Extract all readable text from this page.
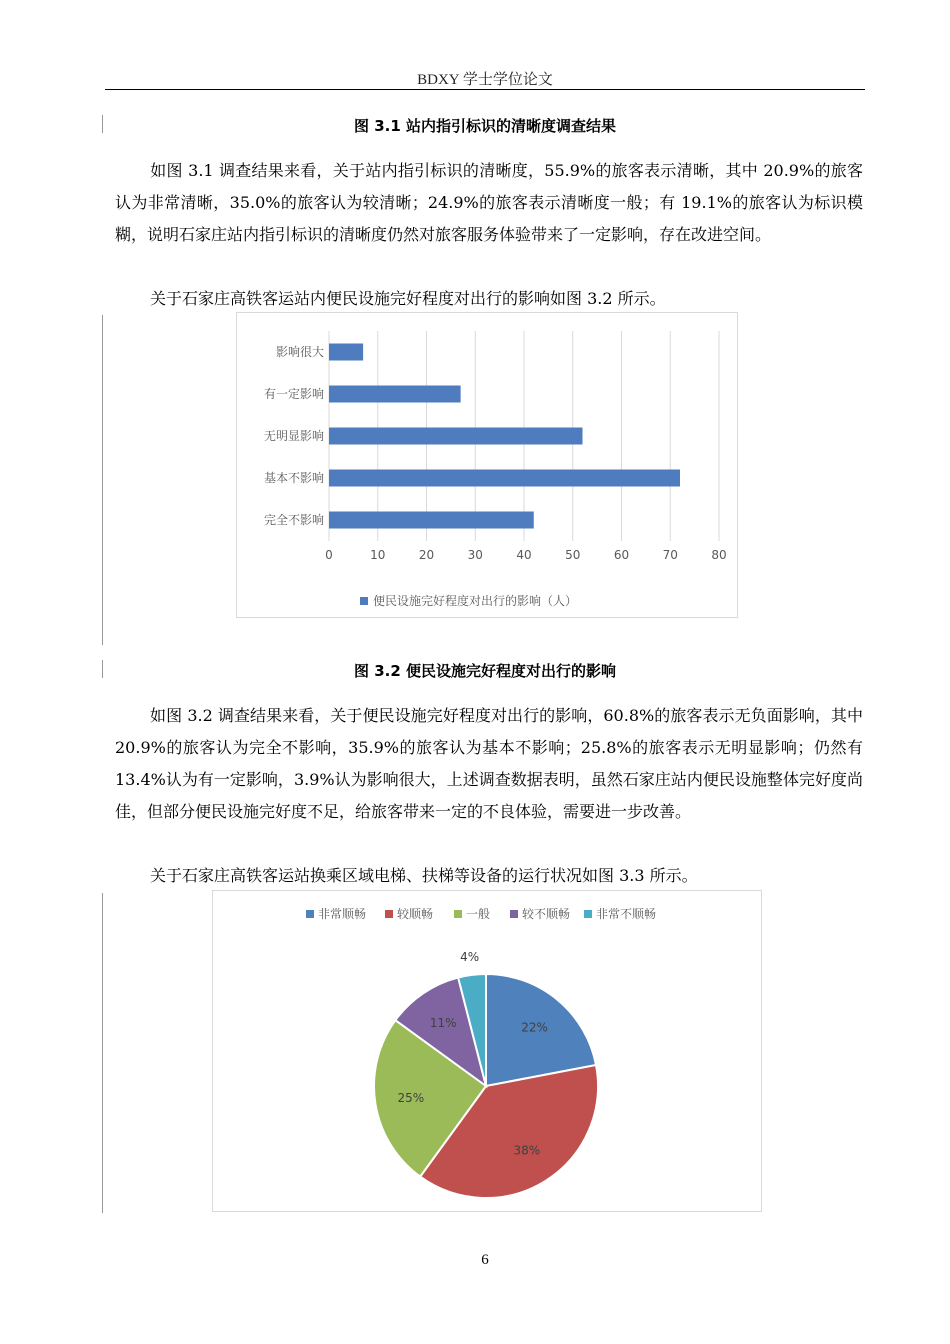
BDXY 学士学位论文
图 3.1 站内指引标识的清晰度调查结果

如图 3.1 调查结果来看，关于站内指引标识的清晰度，55.9%的旅客表示清晰，其中 20.9%的旅客认为非常清晰，35.0%的旅客认为较清晰；24.9%的旅客表示清晰度一般；有 19.1%的旅客认为标识模糊，说明石家庄站内指引标识的清晰度仍然对旅客服务体验带来了一定影响，存在改进空间。

关于石家庄高铁客运站内便民设施完好程度对出行的影响如图 3.2 所示。

0	10	20	30	40	50	60	70	80
影响很大
有一定影响
无明显影响
基本不影响
完全不影响
便民设施完好程度对出行的影响（人）
图 3.2 便民设施完好程度对出行的影响

如图 3.2 调查结果来看，关于便民设施完好程度对出行的影响，60.8%的旅客表示无负面影响，其中 20.9%的旅客认为完全不影响，35.9%的旅客认为基本不影响；25.8%的旅客表示无明显影响；仍然有 13.4%认为有一定影响，3.9%认为影响很大，上述调查数据表明，虽然石家庄站内便民设施整体完好度尚佳，但部分便民设施完好度不足，给旅客带来一定的不良体验，需要进一步改善。

关于石家庄高铁客运站换乘区域电梯、扶梯等设备的运行状况如图 3.3 所示。

非常顺畅	较顺畅	一般	较不顺畅 非常不顺畅
22%
38%
25%
11%
4%
6
